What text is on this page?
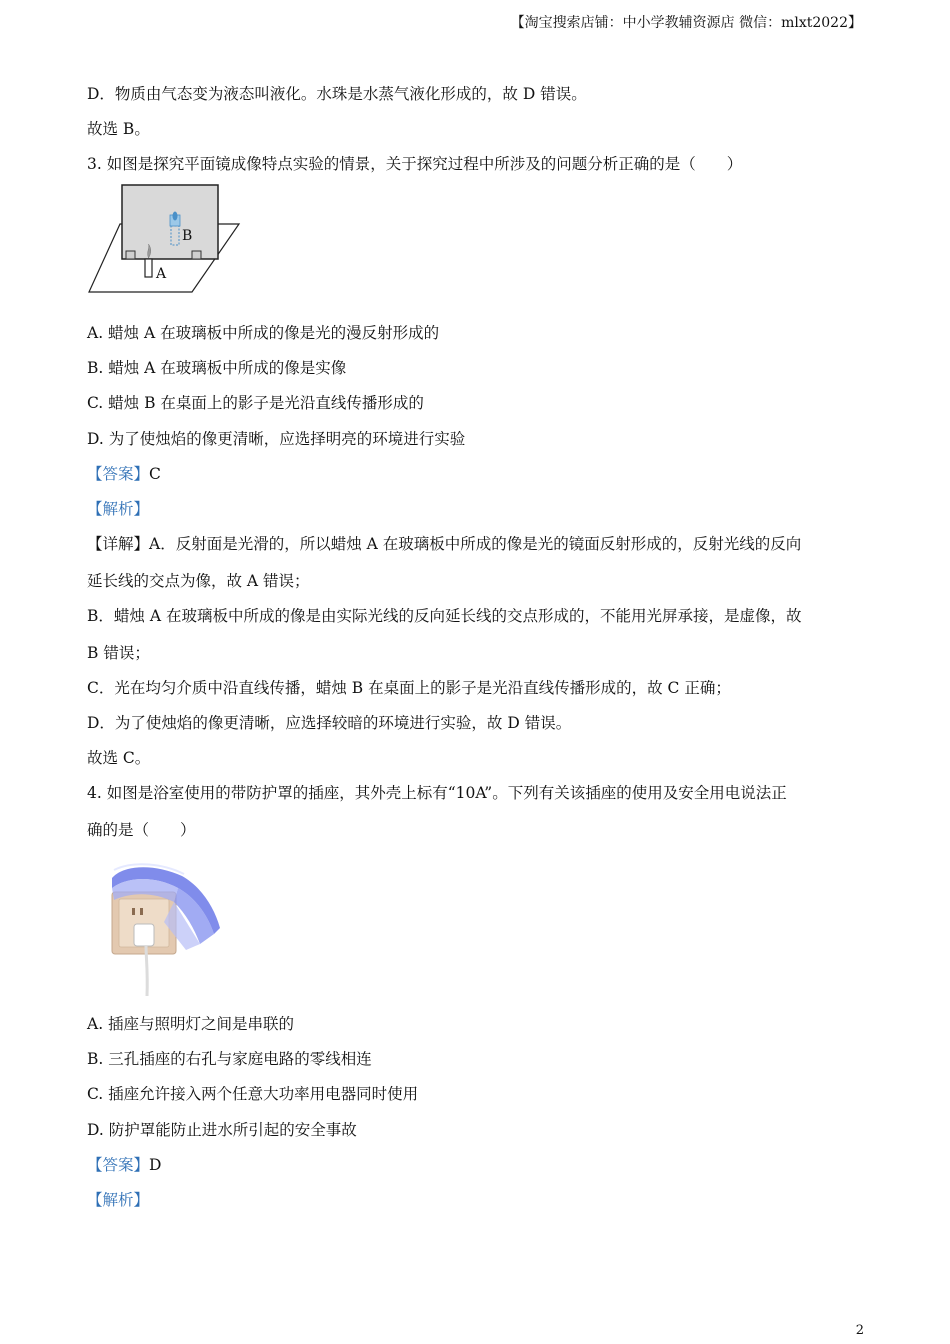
【淘宝搜索店铺：中小学教辅资源店 微信：mlxt2022】
D．物质由气态变为液态叫液化。水珠是水蒸气液化形成的，故 D 错误。
故选 B。
3. 如图是探究平面镜成像特点实验的情景，关于探究过程中所涉及的问题分析正确的是（　　）
B
A
A. 蜡烛 A 在玻璃板中所成的像是光的漫反射形成的
B. 蜡烛 A 在玻璃板中所成的像是实像
C. 蜡烛 B 在桌面上的影子是光沿直线传播形成的
D. 为了使烛焰的像更清晰，应选择明亮的环境进行实验
【答案】C
【解析】
【详解】A．反射面是光滑的，所以蜡烛 A 在玻璃板中所成的像是光的镜面反射形成的，反射光线的反向
延长线的交点为像，故 A 错误；
B．蜡烛 A 在玻璃板中所成的像是由实际光线的反向延长线的交点形成的，不能用光屏承接，是虚像，故
B 错误；
C．光在均匀介质中沿直线传播，蜡烛 B 在桌面上的影子是光沿直线传播形成的，故 C 正确；
D．为了使烛焰的像更清晰，应选择较暗的环境进行实验，故 D 错误。
故选 C。
4. 如图是浴室使用的带防护罩的插座，其外壳上标有“10A”。下列有关该插座的使用及安全用电说法正
确的是（　　）
A. 插座与照明灯之间是串联的
B. 三孔插座的右孔与家庭电路的零线相连
C. 插座允许接入两个任意大功率用电器同时使用
D. 防护罩能防止进水所引起的安全事故
【答案】D
【解析】
2
